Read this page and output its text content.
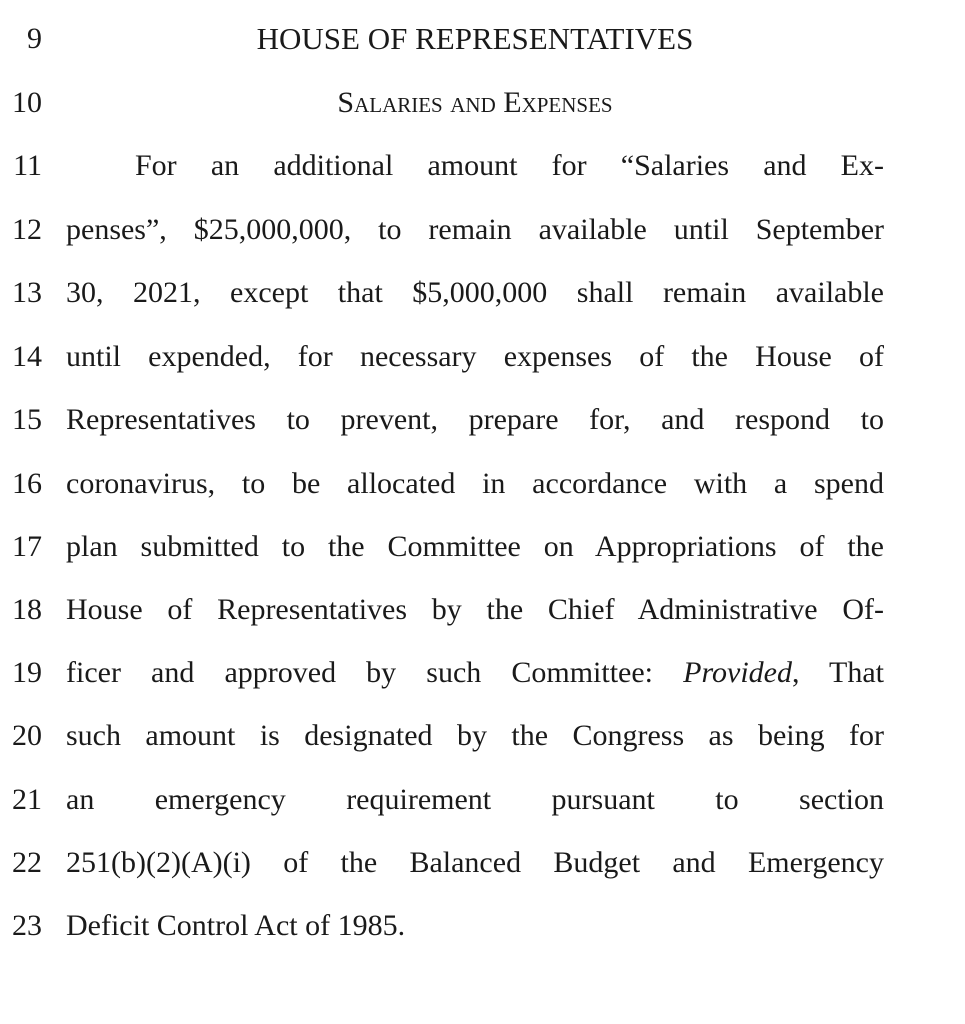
9	HOUSE OF REPRESENTATIVES
10	Salaries and Expenses
11	For an additional amount for “Salaries and Ex-
12 penses”, $25,000,000, to remain available until September
13 30, 2021, except that $5,000,000 shall remain available
14 until expended, for necessary expenses of the House of
15 Representatives to prevent, prepare for, and respond to
16 coronavirus, to be allocated in accordance with a spend
17 plan submitted to the Committee on Appropriations of the
18 House of Representatives by the Chief Administrative Of-
19 ficer and approved by such Committee: Provided, That
20 such amount is designated by the Congress as being for
21 an emergency requirement pursuant to section
22 251(b)(2)(A)(i) of the Balanced Budget and Emergency
23 Deficit Control Act of 1985.
